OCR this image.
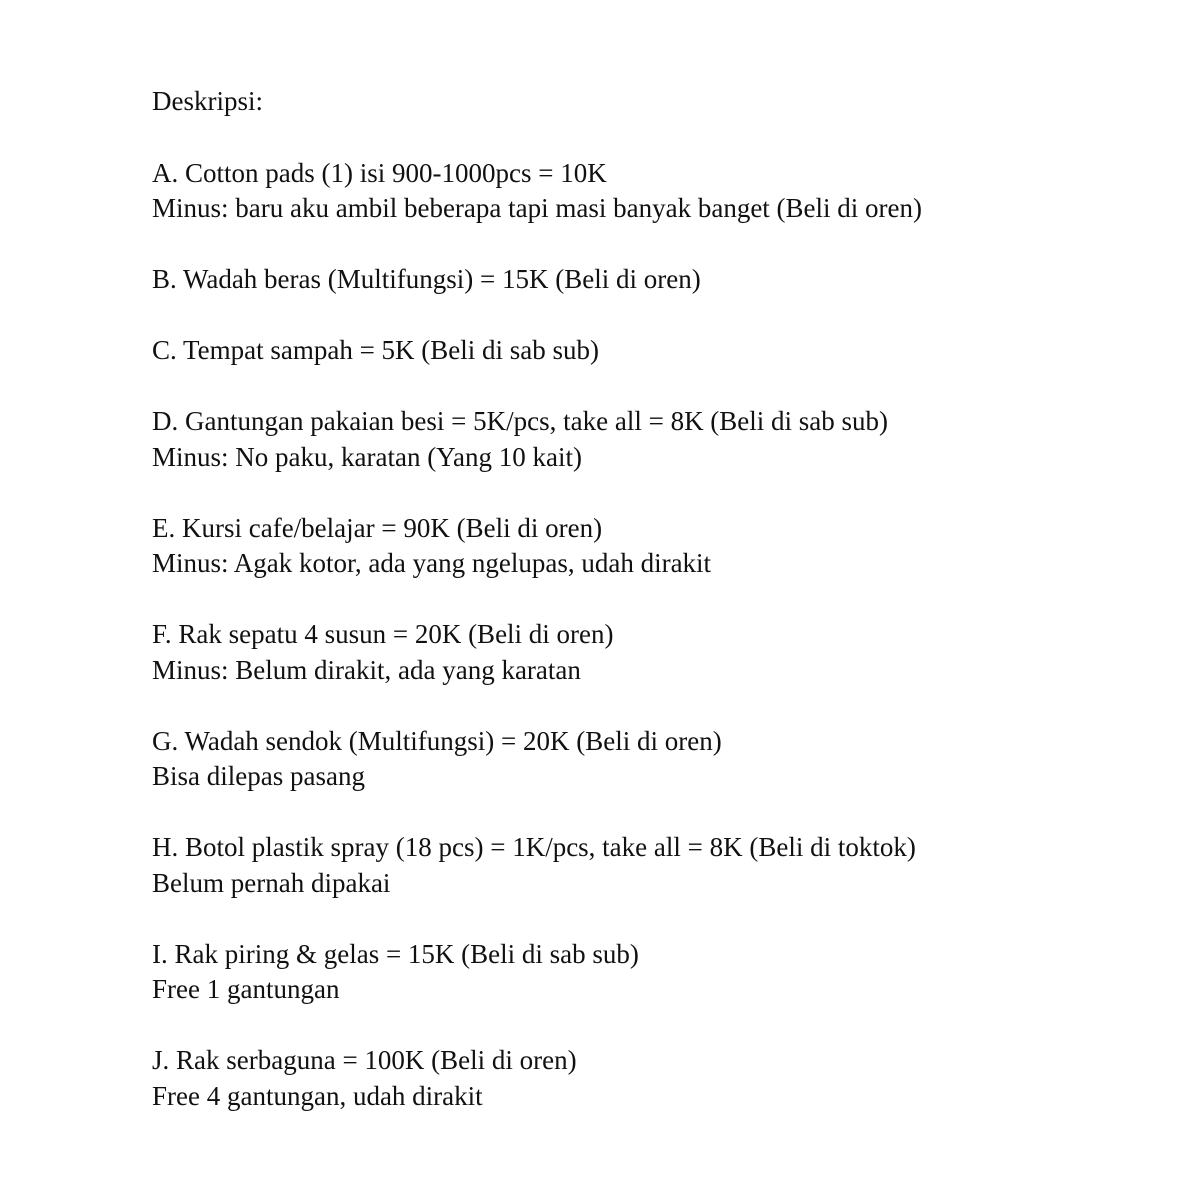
Deskripsi:
A. Cotton pads (1) isi 900-1000pcs = 10K
Minus: baru aku ambil beberapa tapi masi banyak banget (Beli di oren)
B. Wadah beras (Multifungsi) = 15K (Beli di oren)
C. Tempat sampah = 5K (Beli di sab sub)
D. Gantungan pakaian besi = 5K/pcs, take all = 8K (Beli di sab sub)
Minus: No paku, karatan (Yang 10 kait)
E. Kursi cafe/belajar = 90K (Beli di oren)
Minus: Agak kotor, ada yang ngelupas, udah dirakit
F. Rak sepatu 4 susun = 20K (Beli di oren)
Minus: Belum dirakit, ada yang karatan
G. Wadah sendok (Multifungsi) = 20K (Beli di oren)
Bisa dilepas pasang
H. Botol plastik spray (18 pcs) = 1K/pcs, take all = 8K (Beli di toktok)
Belum pernah dipakai
I. Rak piring & gelas = 15K (Beli di sab sub)
Free 1 gantungan
J. Rak serbaguna = 100K (Beli di oren)
Free 4 gantungan, udah dirakit
